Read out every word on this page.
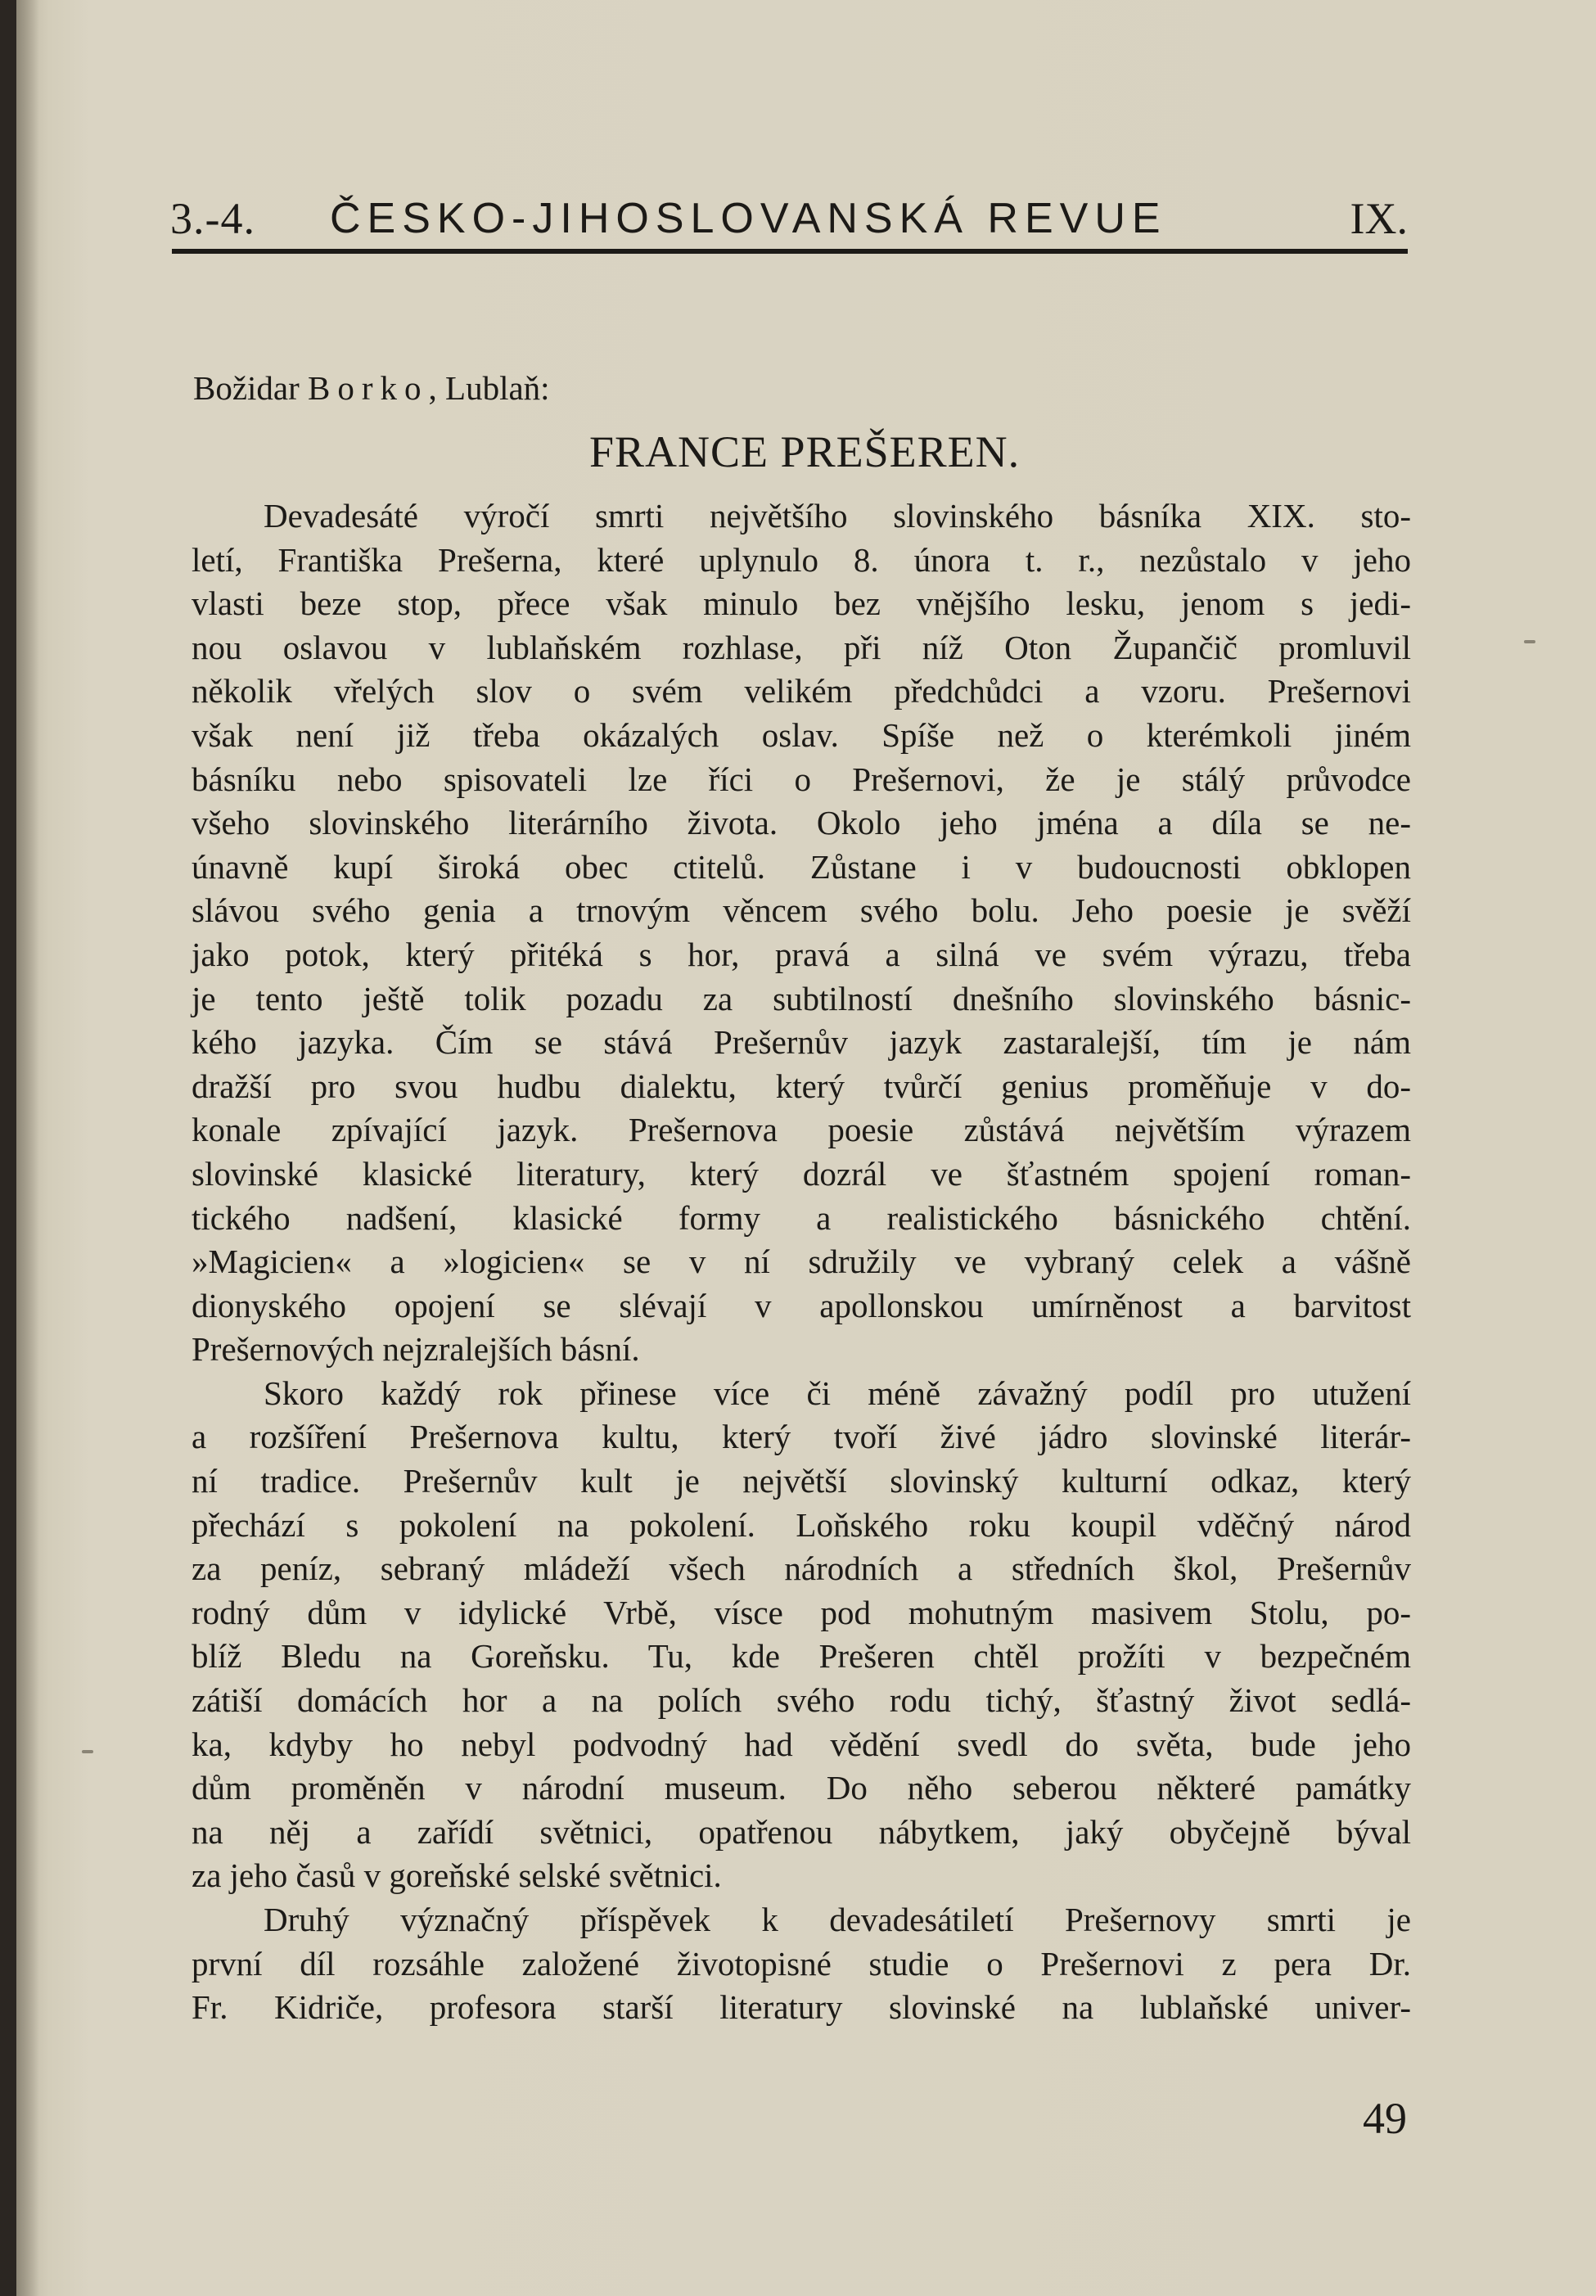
3.-4. ČESKO-JIHOSLOVANSKÁ REVUE	IX.
Božidar Borko, Lublaň:
FRANCE PREŠEREN.
Devadesáté výročí smrti největšího slovinského básníka XIX. sto-
letí, Františka Prešerna, které uplynulo 8. února t. r., nezůstalo v jeho
vlasti beze stop, přece však minulo bez vnějšího lesku, jenom s jedi-
nou oslavou v lublaňském rozhlase, při níž Oton Župančič promluvil
několik vřelých slov o svém velikém předchůdci a vzoru. Prešernovi
však není již třeba okázalých oslav. Spíše než o kterémkoli jiném
básníku nebo spisovateli lze říci o Prešernovi, že je stálý průvodce
všeho slovinského literárního života. Okolo jeho jména a díla se ne-
únavně kupí široká obec ctitelů. Zůstane i v budoucnosti obklopen
slávou svého genia a trnovým věncem svého bolu. Jeho poesie je svěží
jako potok, který přitéká s hor, pravá a silná ve svém výrazu, třeba
je tento ještě tolik pozadu za subtilností dnešního slovinského básnic-
kého jazyka. Čím se stává Prešernův jazyk zastaralejší, tím je nám
dražší pro svou hudbu dialektu, který tvůrčí genius proměňuje v do-
konale zpívající jazyk. Prešernova poesie zůstává největším výrazem
slovinské klasické literatury, který dozrál ve šťastném spojení roman-
tického nadšení, klasické formy a realistického básnického chtění.
»Magicien« a »logicien« se v ní sdružily ve vybraný celek a vášně
dionyského opojení se slévají v apollonskou umírněnost a barvitost
Prešernových nejzralejších básní.
Skoro každý rok přinese více či méně závažný podíl pro utužení
a rozšíření Prešernova kultu, který tvoří živé jádro slovinské literár-
ní tradice. Prešernův kult je největší slovinský kulturní odkaz, který
přechází s pokolení na pokolení. Loňského roku koupil vděčný národ
za peníz, sebraný mládeží všech národních a středních škol, Prešernův
rodný dům v idylické Vrbě, vísce pod mohutným masivem Stolu, po-
blíž Bledu na Goreňsku. Tu, kde Prešeren chtěl prožíti v bezpečném
zátiší domácích hor a na polích svého rodu tichý, šťastný život sedlá-
ka, kdyby ho nebyl podvodný had vědění svedl do světa, bude jeho
dům proměněn v národní museum. Do něho seberou některé památky
na něj a zařídí světnici, opatřenou nábytkem, jaký obyčejně býval
za jeho časů v goreňské selské světnici.
Druhý význačný příspěvek k devadesátiletí Prešernovy smrti je
první díl rozsáhle založené životopisné studie o Prešernovi z pera Dr.
Fr. Kidriče, profesora starší literatury slovinské na lublaňské univer-
49
